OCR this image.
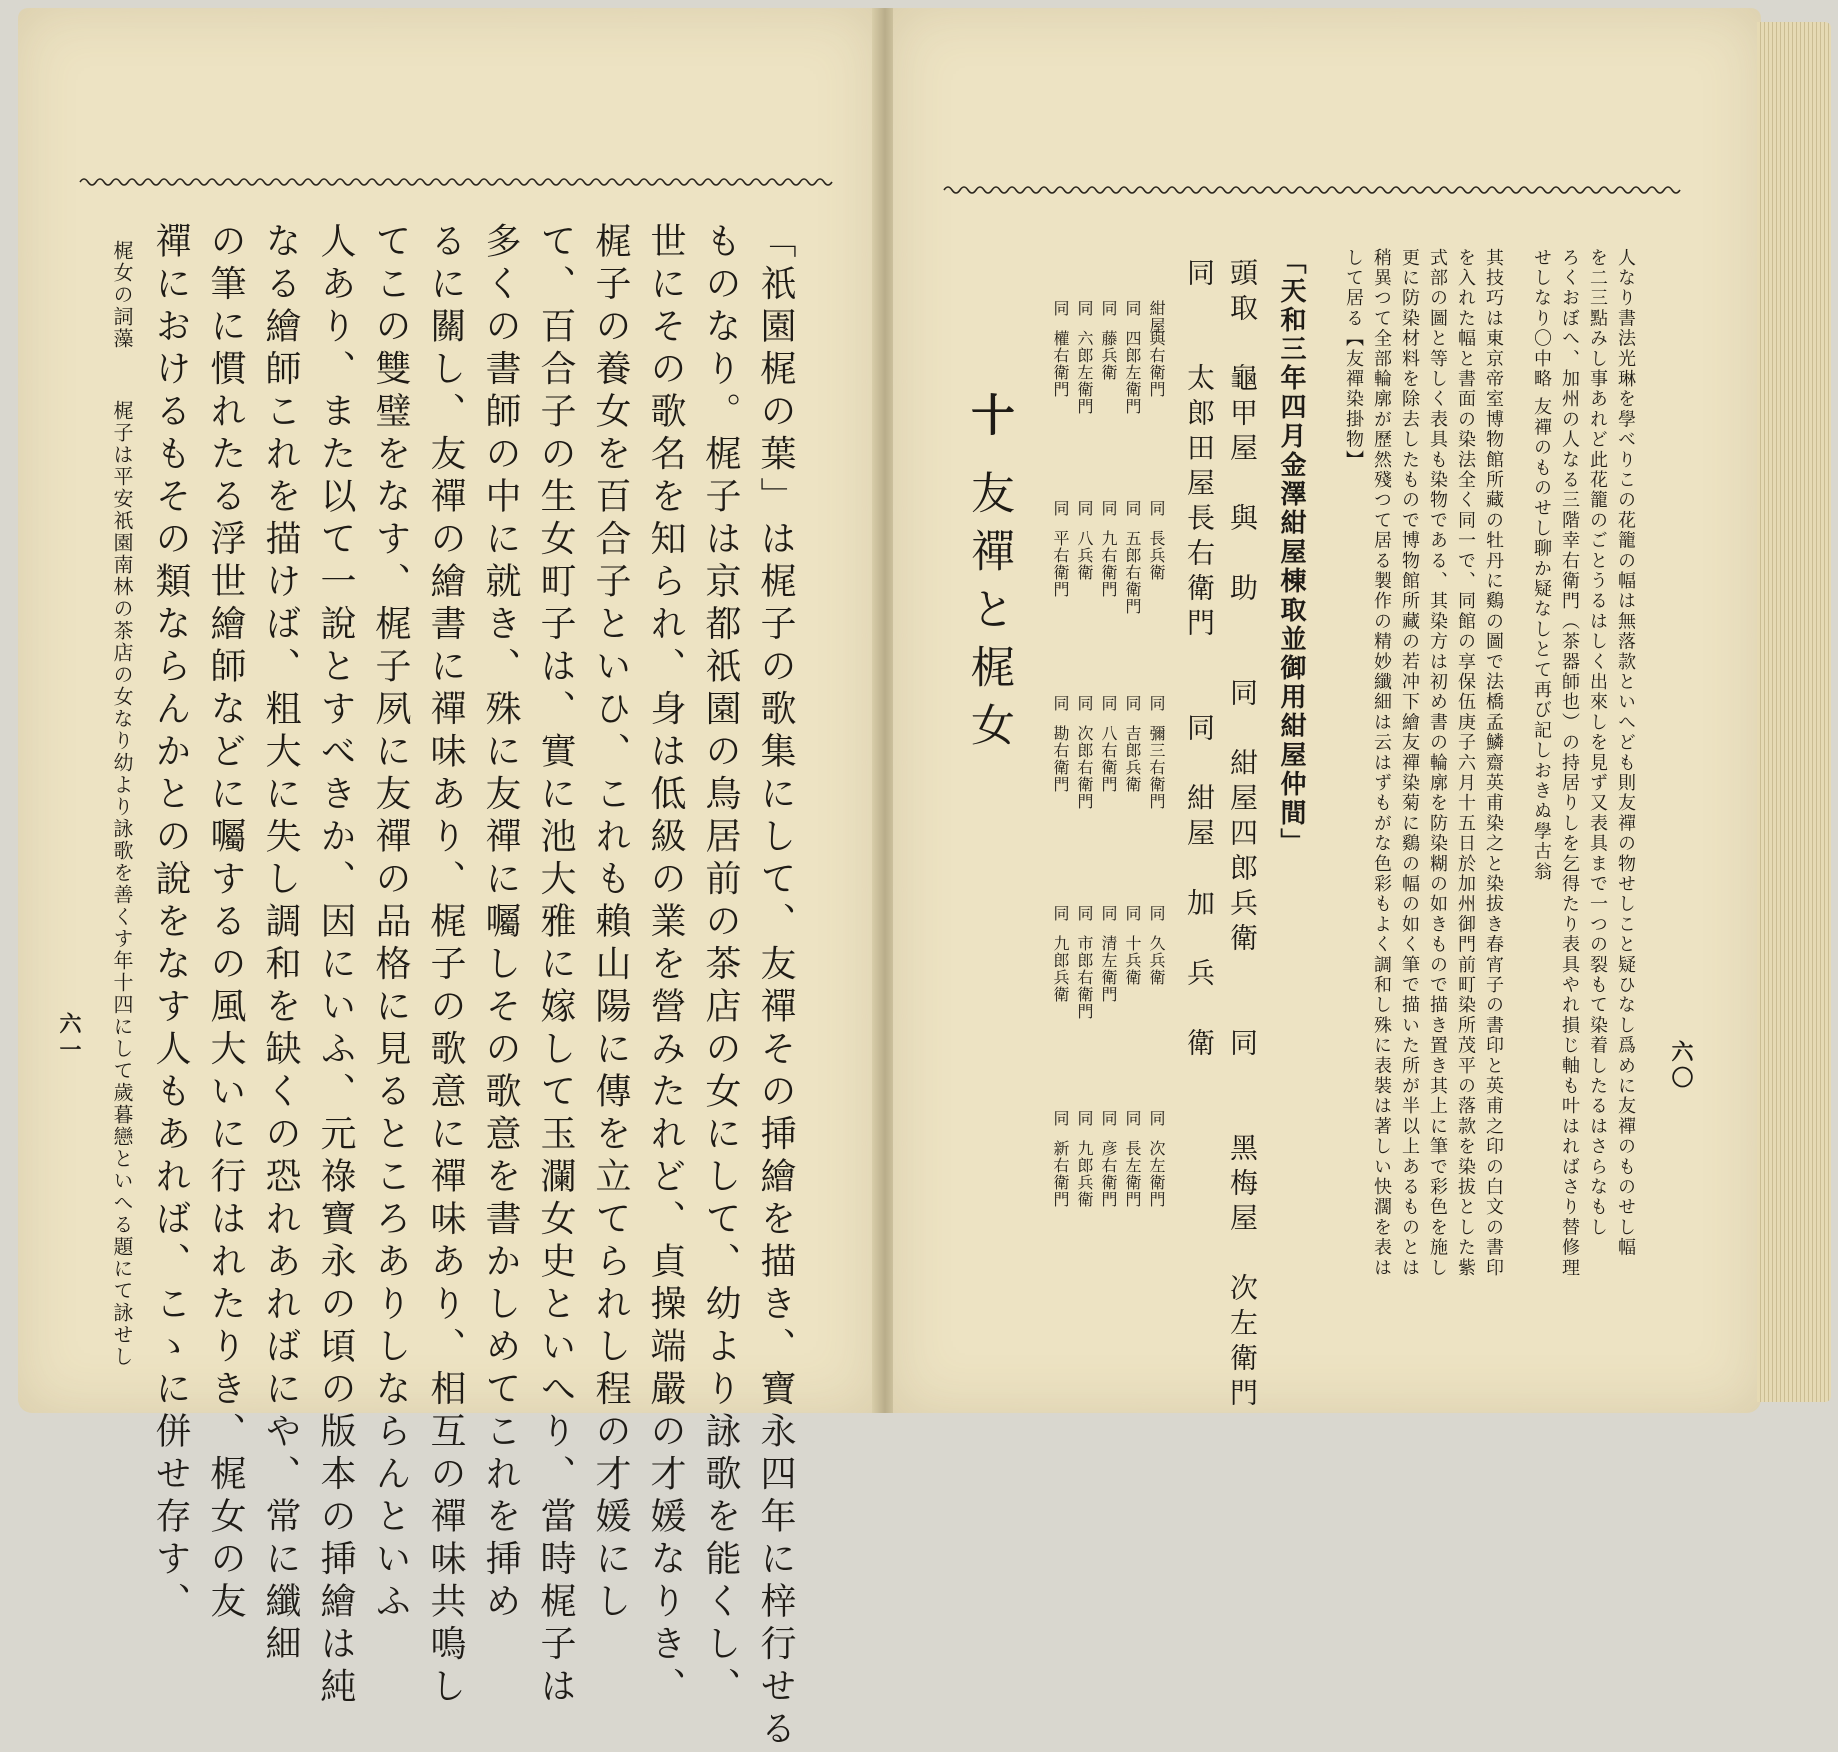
「祇園梶の葉」は梶子の歌集にして、友禪その挿繪を描き、寶永四年に梓行せる
ものなり。梶子は京都祇園の鳥居前の茶店の女にして、幼より詠歌を能くし、
世にその歌名を知られ、身は低級の業を營みたれど、貞操端嚴の才媛なりき、
梶子の養女を百合子といひ、これも賴山陽に傳を立てられし程の才媛にし
て、百合子の生女町子は、實に池大雅に嫁して玉瀾女史といへり、當時梶子は
多くの書師の中に就き、殊に友禪に囑しその歌意を書かしめてこれを挿め
るに關し、友禪の繪書に禪味あり、梶子の歌意に禪味あり、相互の禪味共鳴し
てこの雙璧をなす、梶子夙に友禪の品格に見るところありしならんといふ
人あり、また以て一說とすべきか、因にいふ、元祿寶永の頃の版本の挿繪は純
なる繪師これを描けば、粗大に失し調和を缺くの恐れあればにや、常に纖細
の筆に慣れたる浮世繪師などに囑するの風大いに行はれたりき、梶女の友
禪におけるもその類ならんかとの說をなす人もあれば、こゝに併せ存す、
梶女の詞藻
梶子は平安祇園南林の茶店の女なり幼より詠歌を善くす年十四にして歲暮戀といへる題にて詠せし
六一
六〇
人なり書法光琳を學べりこの花籠の幅は無落款といへども則友禪の物せしこと疑ひなし爲めに友禪のものせし幅
を二三點みし事あれど此花籠のごとうるはしく出來しを見ず又表具まで一つの裂もて染着したるはさらなもし
ろくおぼへ、加州の人なる三階幸右衛門（茶器師也）の持居りしを乞得たり表具やれ損じ軸も叶はればさり替修理
せしなり〇中略 友禪のものせし聊か疑なしとて再び記しおきぬ學古翁
其技巧は東京帝室博物館所藏の牡丹に鷄の圖で法橋孟鱗齋英甫染之と染拔き春宵子の書印と英甫之印の白文の書印
を入れた幅と書面の染法全く同一で、同館の享保伍庚子六月十五日於加州御門前町染所茂平の落款を染拔とした紫
式部の圖と等しく表具も染物である、其染方は初め書の輪廓を防染糊の如きもので描き置き其上に筆で彩色を施し
更に防染材料を除去したもので博物館所藏の若冲下繪友禪染菊に鷄の幅の如く筆で描いた所が半以上あるものとは
稍異つて全部輪廓が歷然殘つて居る製作の精妙纖細は云はずもがな色彩もよく調和し殊に表裝は著しい快濶を表は
して居る【友禪染掛物】
「天和三年四月金澤紺屋棟取並御用紺屋仲間」
頭取　龜甲屋　與　助　　同　紺屋四郎兵衛　　同　　黑梅屋　次左衛門
同　　太郎田屋長右衛門　　同　紺屋　加　兵　衛
紺屋
與右衛門
同
長兵衛
同
彌三右衛門
同
久兵衛
同
次左衛門
同
四郎左衛門
同
五郎右衛門
同
吉郎兵衛
同
十兵衛
同
長左衛門
同
藤兵衛
同
九右衛門
同
八右衛門
同
清左衛門
同
彦右衛門
同
六郎左衛門
同
八兵衛
同
次郎右衛門
同
市郎右衛門
同
九郎兵衛
同
權右衛門
同
平右衛門
同
勘右衛門
同
九郎兵衛
同
新右衛門
十
友禪と梶女
